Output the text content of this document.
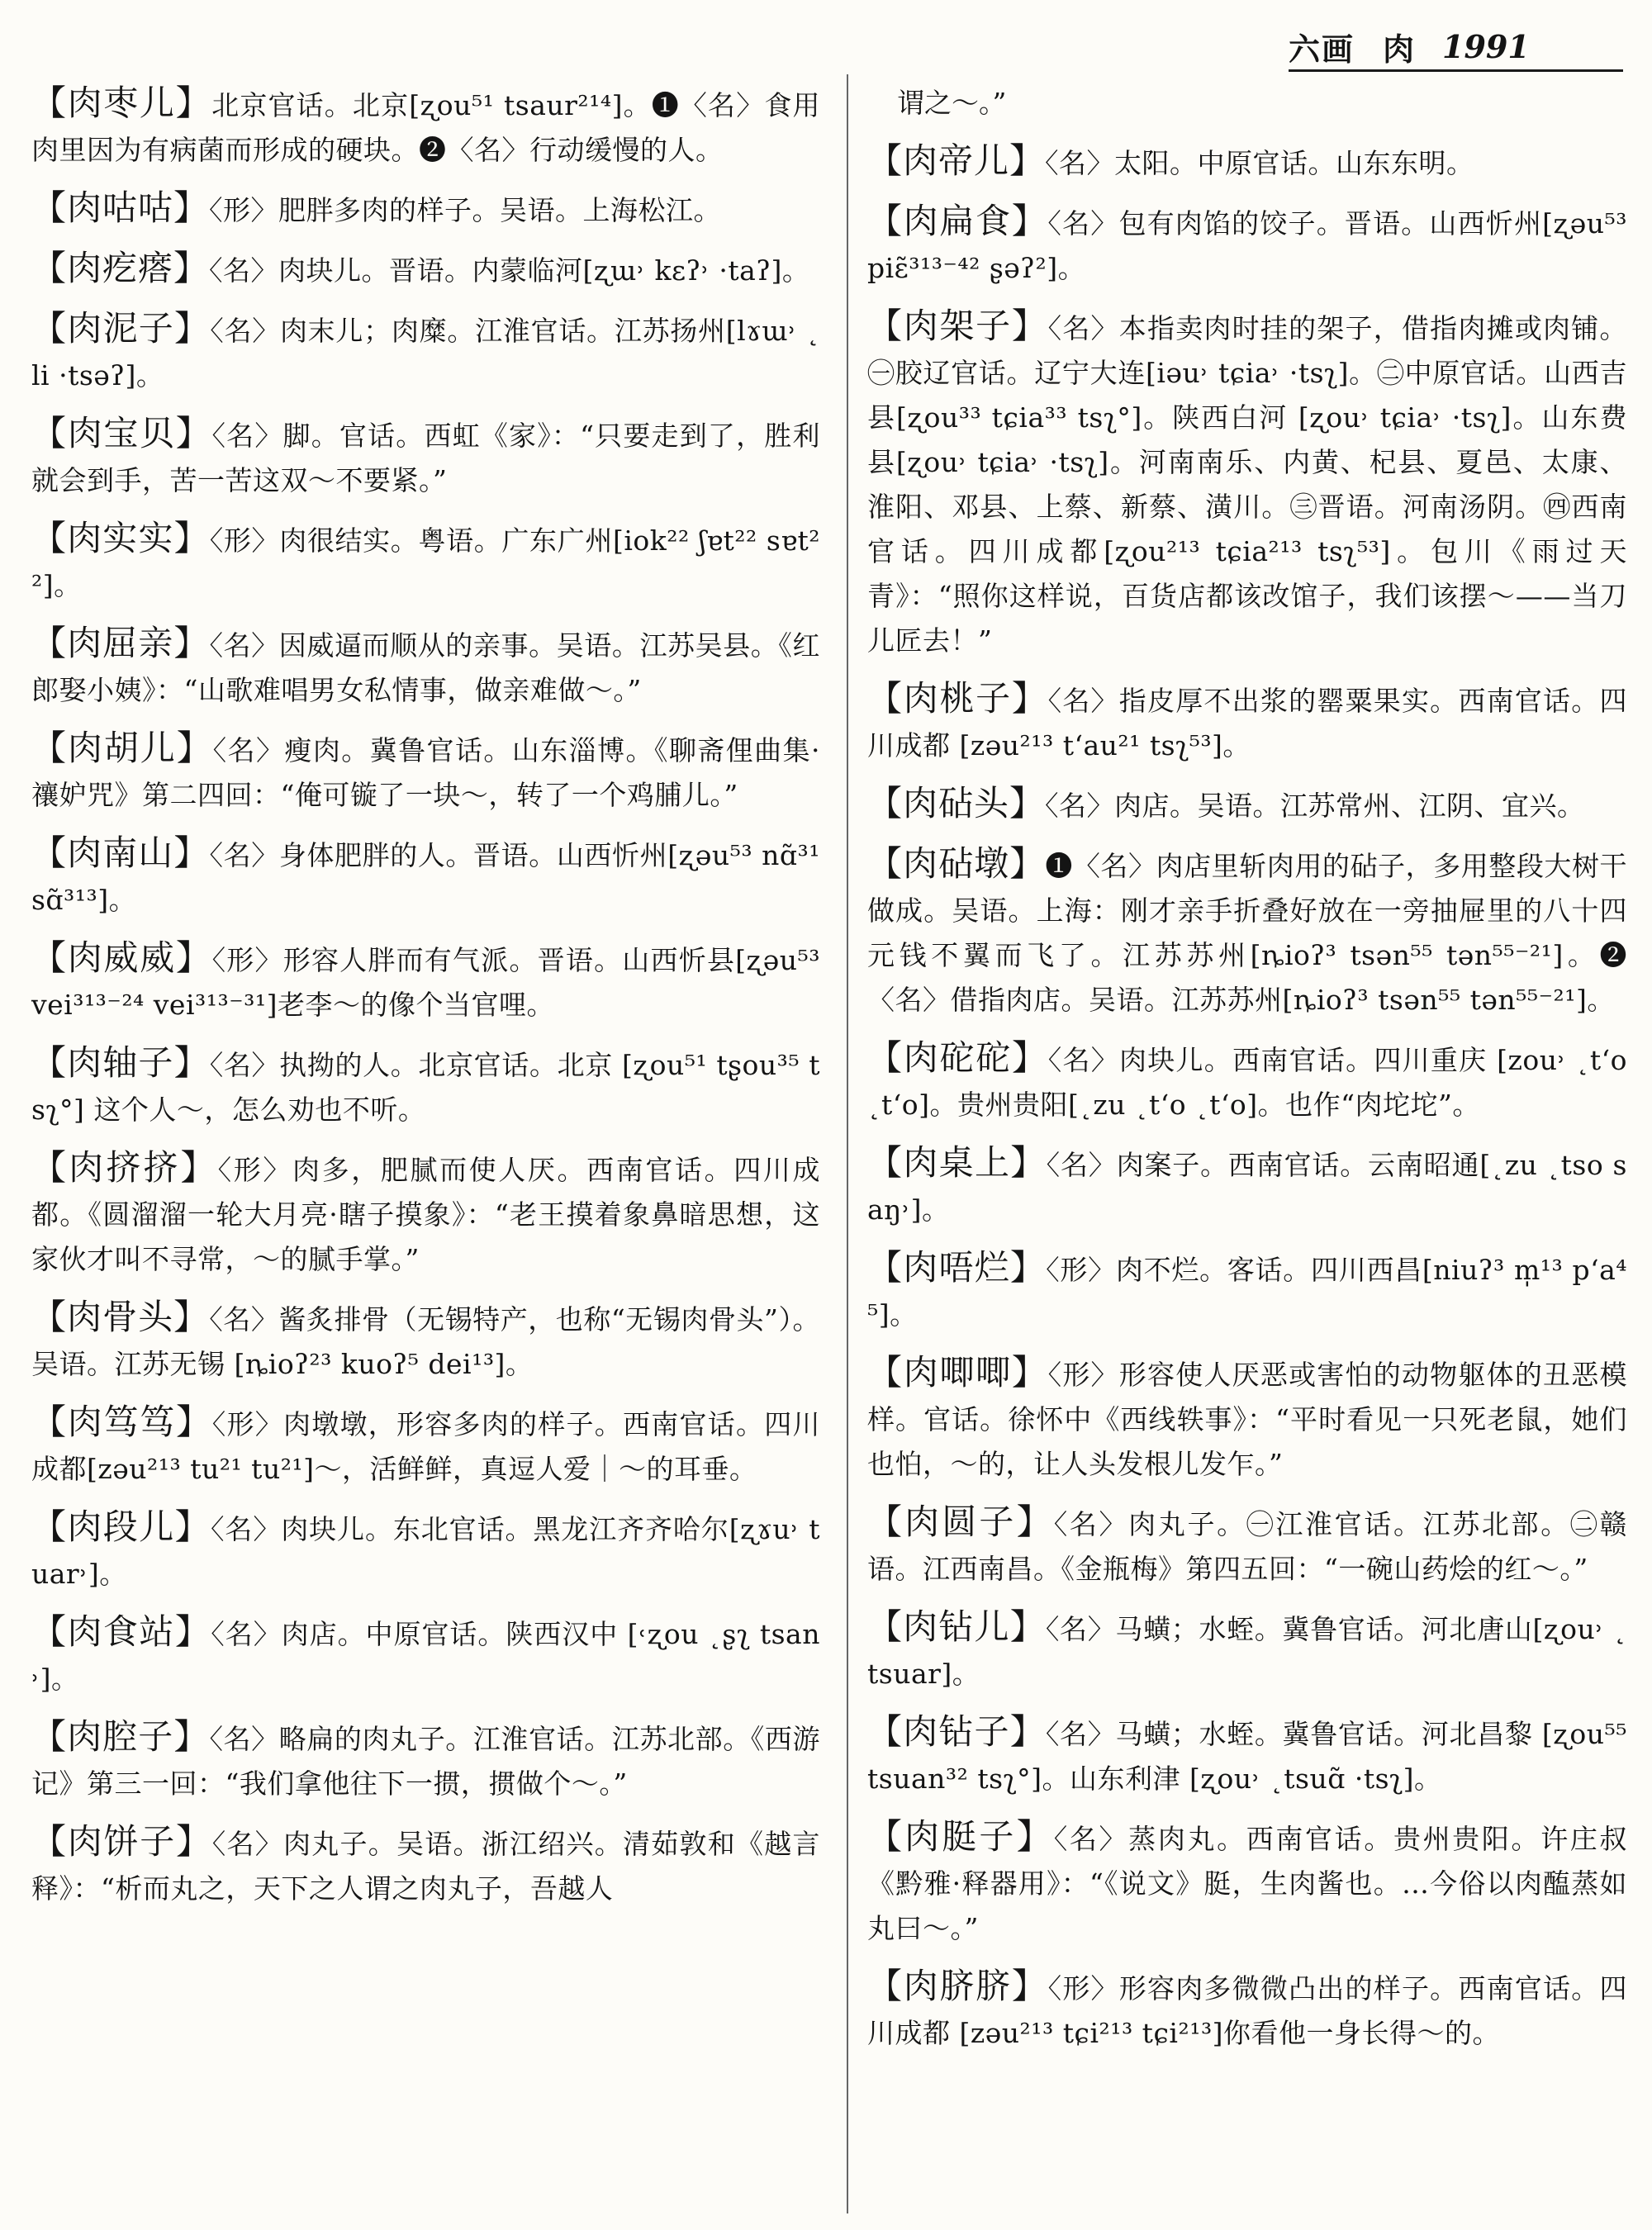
六画 肉 1991
【肉枣儿】北京官话。北京[ʐou⁵¹ tsaur²¹⁴]。❶〈名〉食用肉里因为有病菌而形成的硬块。❷〈名〉行动缓慢的人。
【肉咕咕】〈形〉肥胖多肉的样子。吴语。上海松江。
【肉疙瘩】〈名〉肉块儿。晋语。内蒙临河[ʐɯ˒ kɛʔ˒ ·taʔ]。
【肉泥子】〈名〉肉末儿；肉糜。江淮官话。江苏扬州[lɤɯ˒ ˛li ·tsəʔ]。
【肉宝贝】〈名〉脚。官话。西虹《家》：“只要走到了，胜利就会到手，苦一苦这双～不要紧。”
【肉实实】〈形〉肉很结实。粤语。广东广州[iok²² ʃɐt²² sɐt²²]。
【肉屈亲】〈名〉因威逼而顺从的亲事。吴语。江苏吴县。《红郎娶小姨》：“山歌难唱男女私情事，做亲难做～。”
【肉胡儿】〈名〉瘦肉。冀鲁官话。山东淄博。《聊斋俚曲集·禳妒咒》第二四回：“俺可镟了一块～，转了一个鸡脯儿。”
【肉南山】〈名〉身体肥胖的人。晋语。山西忻州[ʐəu⁵³ nɑ̃³¹ sɑ̃³¹³]。
【肉威威】〈形〉形容人胖而有气派。晋语。山西忻县[ʐəu⁵³ vei³¹³⁻²⁴ vei³¹³⁻³¹]老李～的像个当官哩。
【肉轴子】〈名〉执拗的人。北京官话。北京 [ʐou⁵¹ tʂou³⁵ tsʅ°] 这个人～，怎么劝也不听。
【肉挤挤】〈形〉肉多，肥腻而使人厌。西南官话。四川成都。《圆溜溜一轮大月亮·瞎子摸象》：“老王摸着象鼻暗思想，这家伙才叫不寻常，～的腻手掌。”
【肉骨头】〈名〉酱炙排骨（无锡特产，也称“无锡肉骨头”）。吴语。江苏无锡 [ȵioʔ²³ kuoʔ⁵ dei¹³]。
【肉笃笃】〈形〉肉墩墩，形容多肉的样子。西南官话。四川成都[zəu²¹³ tu²¹ tu²¹]～，活鲜鲜，真逗人爱｜～的耳垂。
【肉段儿】〈名〉肉块儿。东北官话。黑龙江齐齐哈尔[ʐɤu˒ tuar˒]。
【肉食站】〈名〉肉店。中原官话。陕西汉中 [˓ʐou ˛ʂʅ tsan˒]。
【肉腔子】〈名〉略扁的肉丸子。江淮官话。江苏北部。《西游记》第三一回：“我们拿他往下一掼，掼做个～。”
【肉饼子】〈名〉肉丸子。吴语。浙江绍兴。清茹敦和《越言释》：“析而丸之，天下之人谓之肉丸子，吾越人
谓之～。”
【肉帝儿】〈名〉太阳。中原官话。山东东明。
【肉扁食】〈名〉包有肉馅的饺子。晋语。山西忻州[ʐəu⁵³ piɛ̃³¹³⁻⁴² ʂəʔ²]。
【肉架子】〈名〉本指卖肉时挂的架子，借指肉摊或肉铺。㊀胶辽官话。辽宁大连[iəu˒ tɕia˒ ·tsʅ]。㊁中原官话。山西吉县[ʐou³³ tɕia³³ tsʅ°]。陕西白河 [ʐou˒ tɕia˒ ·tsʅ]。山东费县[ʐou˒ tɕia˒ ·tsʅ]。河南南乐、内黄、杞县、夏邑、太康、淮阳、邓县、上蔡、新蔡、潢川。㊂晋语。河南汤阴。㊃西南官话。四川成都[ʐou²¹³ tɕia²¹³ tsʅ⁵³]。包川《雨过天青》：“照你这样说，百货店都该改馆子，我们该摆～——当刀儿匠去！”
【肉桃子】〈名〉指皮厚不出浆的罂粟果实。西南官话。四川成都 [zəu²¹³ tʻau²¹ tsʅ⁵³]。
【肉砧头】〈名〉肉店。吴语。江苏常州、江阴、宜兴。
【肉砧墩】❶〈名〉肉店里斩肉用的砧子，多用整段大树干做成。吴语。上海：刚才亲手折叠好放在一旁抽屉里的八十四元钱不翼而飞了。江苏苏州[ȵioʔ³ tsən⁵⁵ tən⁵⁵⁻²¹]。❷〈名〉借指肉店。吴语。江苏苏州[ȵioʔ³ tsən⁵⁵ tən⁵⁵⁻²¹]。
【肉砣砣】〈名〉肉块儿。西南官话。四川重庆 [zou˒ ˛tʻo ˛tʻo]。贵州贵阳[˛zu ˛tʻo ˛tʻo]。也作“肉坨坨”。
【肉桌上】〈名〉肉案子。西南官话。云南昭通[˛zu ˛tso saŋ˒]。
【肉唔烂】〈形〉肉不烂。客话。四川西昌[niuʔ³ m̩¹³ pʻa⁴⁵]。
【肉唧唧】〈形〉形容使人厌恶或害怕的动物躯体的丑恶模样。官话。徐怀中《西线轶事》：“平时看见一只死老鼠，她们也怕，～的，让人头发根儿发乍。”
【肉圆子】〈名〉肉丸子。㊀江淮官话。江苏北部。㊁赣语。江西南昌。《金瓶梅》第四五回：“一碗山药烩的红～。”
【肉钻儿】〈名〉马蟥；水蛭。冀鲁官话。河北唐山[ʐou˒ ˛tsuar]。
【肉钻子】〈名〉马蟥；水蛭。冀鲁官话。河北昌黎 [ʐou⁵⁵ tsuan³² tsʅ°]。山东利津 [ʐou˒ ˛tsuɑ̃ ·tsʅ]。
【肉脡子】〈名〉蒸肉丸。西南官话。贵州贵阳。许庄叔《黔雅·释器用》：“《说文》脡，生肉酱也。…今俗以肉醢蒸如丸曰～。”
【肉脐脐】〈形〉形容肉多微微凸出的样子。西南官话。四川成都 [zəu²¹³ tɕi²¹³ tɕi²¹³]你看他一身长得～的。
